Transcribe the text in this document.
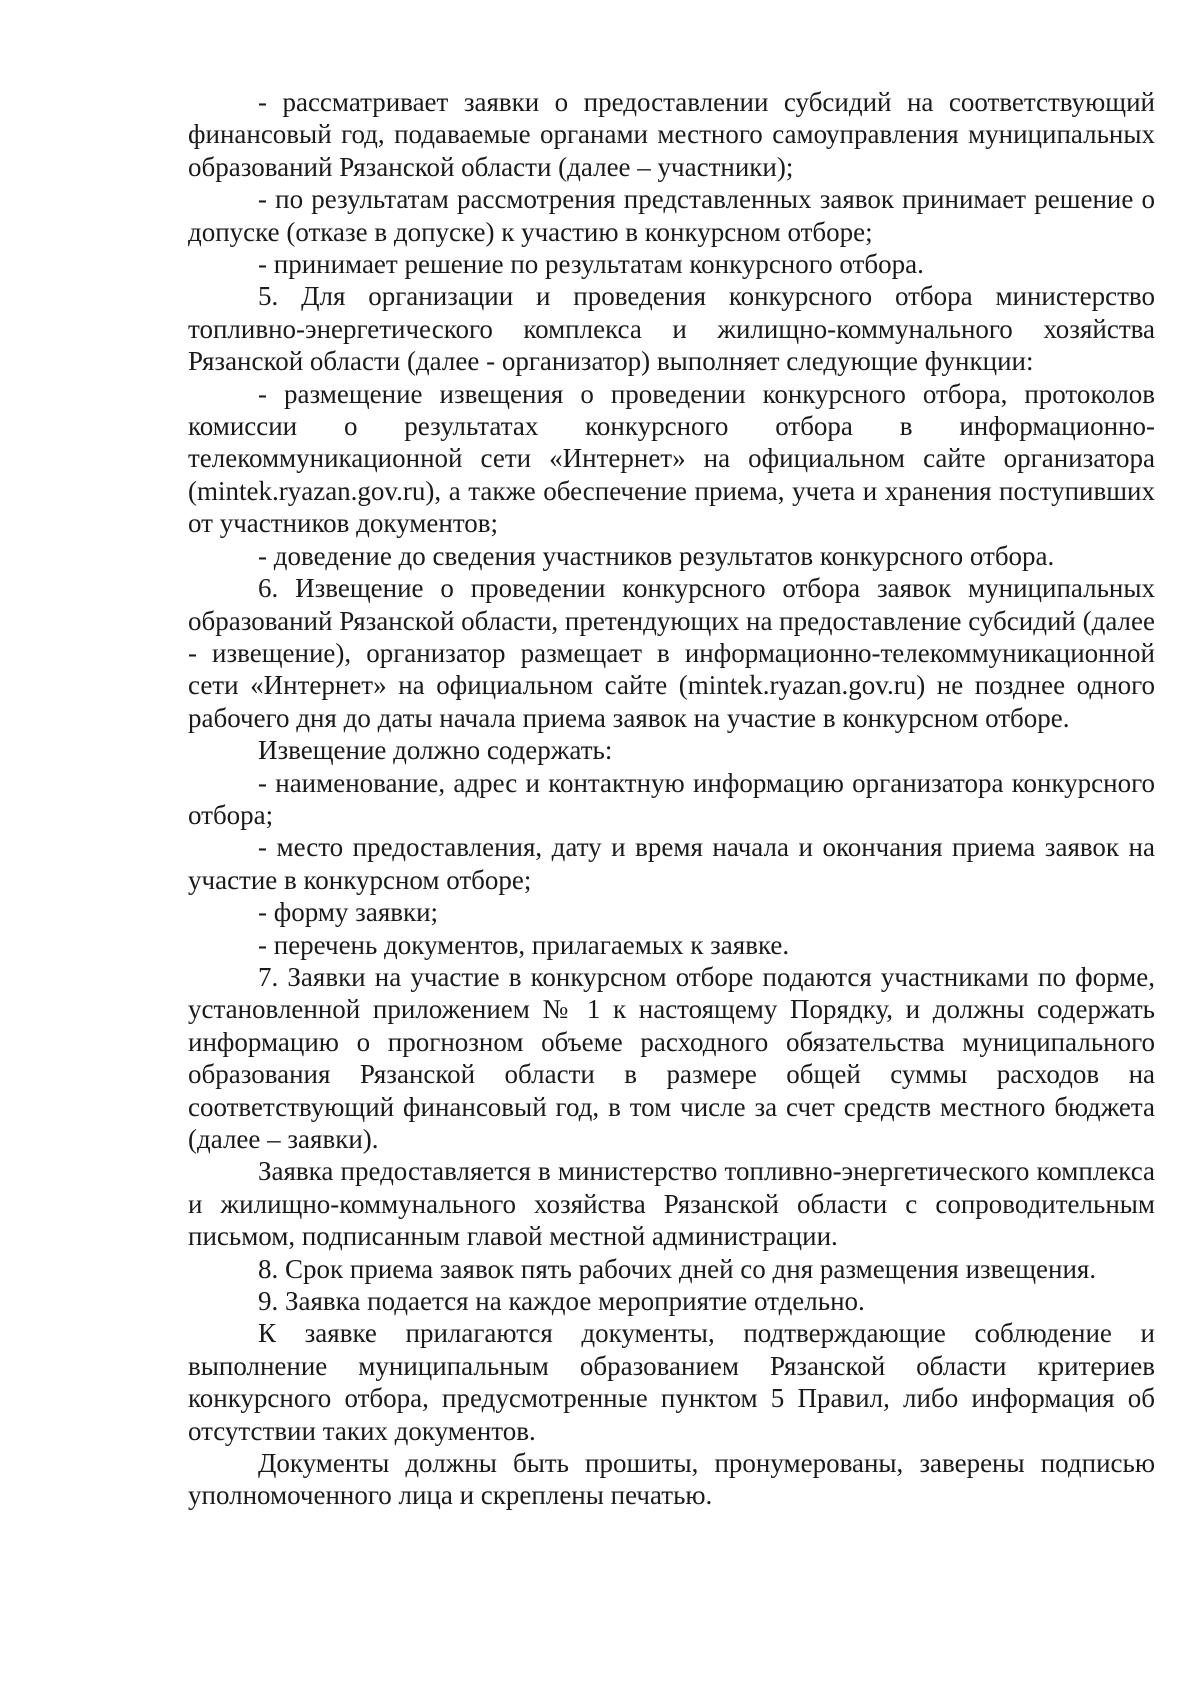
- рассматривает заявки о предоставлении субсидий на соответствующий финансовый год, подаваемые органами местного самоуправления муниципальных образований Рязанской области (далее – участники);

- по результатам рассмотрения представленных заявок принимает решение о допуске (отказе в допуске) к участию в конкурсном отборе;

- принимает решение по результатам конкурсного отбора.

5. Для организации и проведения конкурсного отбора министерство топливно-энергетического комплекса и жилищно-коммунального хозяйства Рязанской области (далее - организатор) выполняет следующие функции:

- размещение извещения о проведении конкурсного отбора, протоколов комиссии о результатах конкурсного отбора в информационно-телекоммуникационной сети «Интернет» на официальном сайте организатора (mintek.ryazan.gov.ru), а также обеспечение приема, учета и хранения поступивших от участников документов;

- доведение до сведения участников результатов конкурсного отбора.

6. Извещение о проведении конкурсного отбора заявок муниципальных образований Рязанской области, претендующих на предоставление субсидий (далее - извещение), организатор размещает в информационно-телекоммуникационной сети «Интернет» на официальном сайте (mintek.ryazan.gov.ru) не позднее одного рабочего дня до даты начала приема заявок на участие в конкурсном отборе.

Извещение должно содержать:

- наименование, адрес и контактную информацию организатора конкурсного отбора;

- место предоставления, дату и время начала и окончания приема заявок на участие в конкурсном отборе;

- форму заявки;

- перечень документов, прилагаемых к заявке.

7. Заявки на участие в конкурсном отборе подаются участниками по форме, установленной приложением № 1 к настоящему Порядку, и должны содержать информацию о прогнозном объеме расходного обязательства муниципального образования Рязанской области в размере общей суммы расходов на соответствующий финансовый год, в том числе за счет средств местного бюджета (далее – заявки).

Заявка предоставляется в министерство топливно-энергетического комплекса и жилищно-коммунального хозяйства Рязанской области с сопроводительным письмом, подписанным главой местной администрации.

8. Срок приема заявок пять рабочих дней со дня размещения извещения.

9. Заявка подается на каждое мероприятие отдельно.

К заявке прилагаются документы, подтверждающие соблюдение и выполнение муниципальным образованием Рязанской области критериев конкурсного отбора, предусмотренные пунктом 5 Правил, либо информация об отсутствии таких документов.

Документы должны быть прошиты, пронумерованы, заверены подписью уполномоченного лица и скреплены печатью.
